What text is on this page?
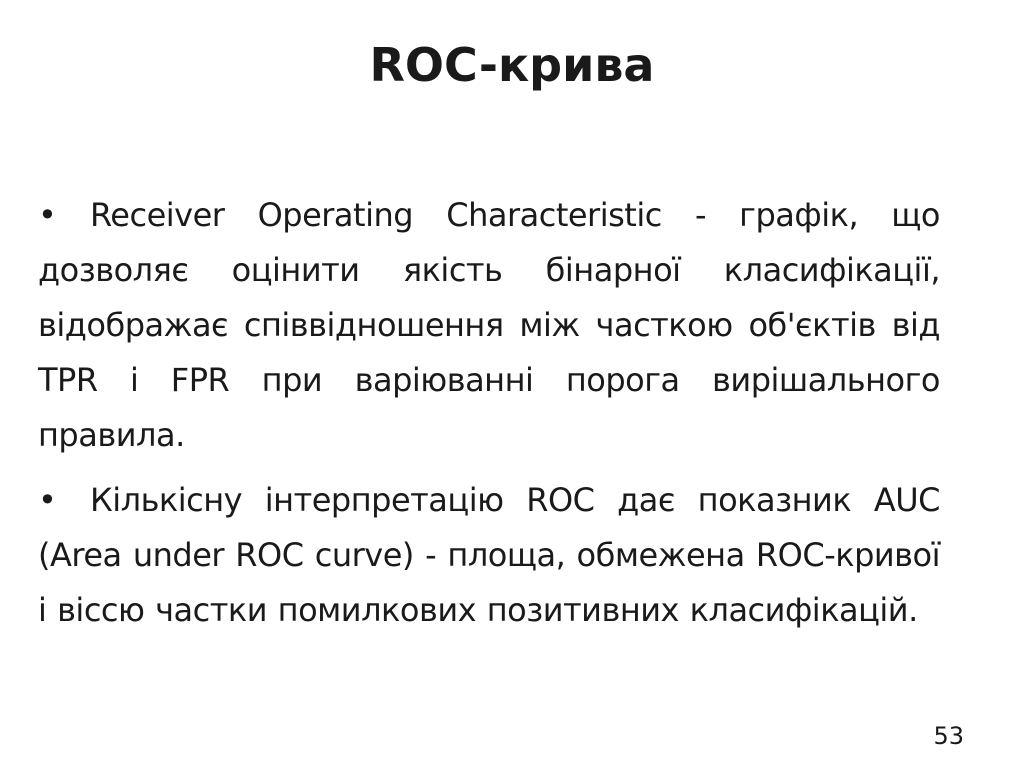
ROC-крива

• Receiver Operating Characteristic - графік, що дозволяє оцінити якість бінарної класифікації, відображає співвідношення між часткою об'єктів від TPR і FPR при варіюванні порога вирішального правила.

• Кількісну інтерпретацію ROC дає показник AUC (Area under ROC curve) - площа, обмежена ROC-кривої і віссю частки помилкових позитивних класифікацій.

53
